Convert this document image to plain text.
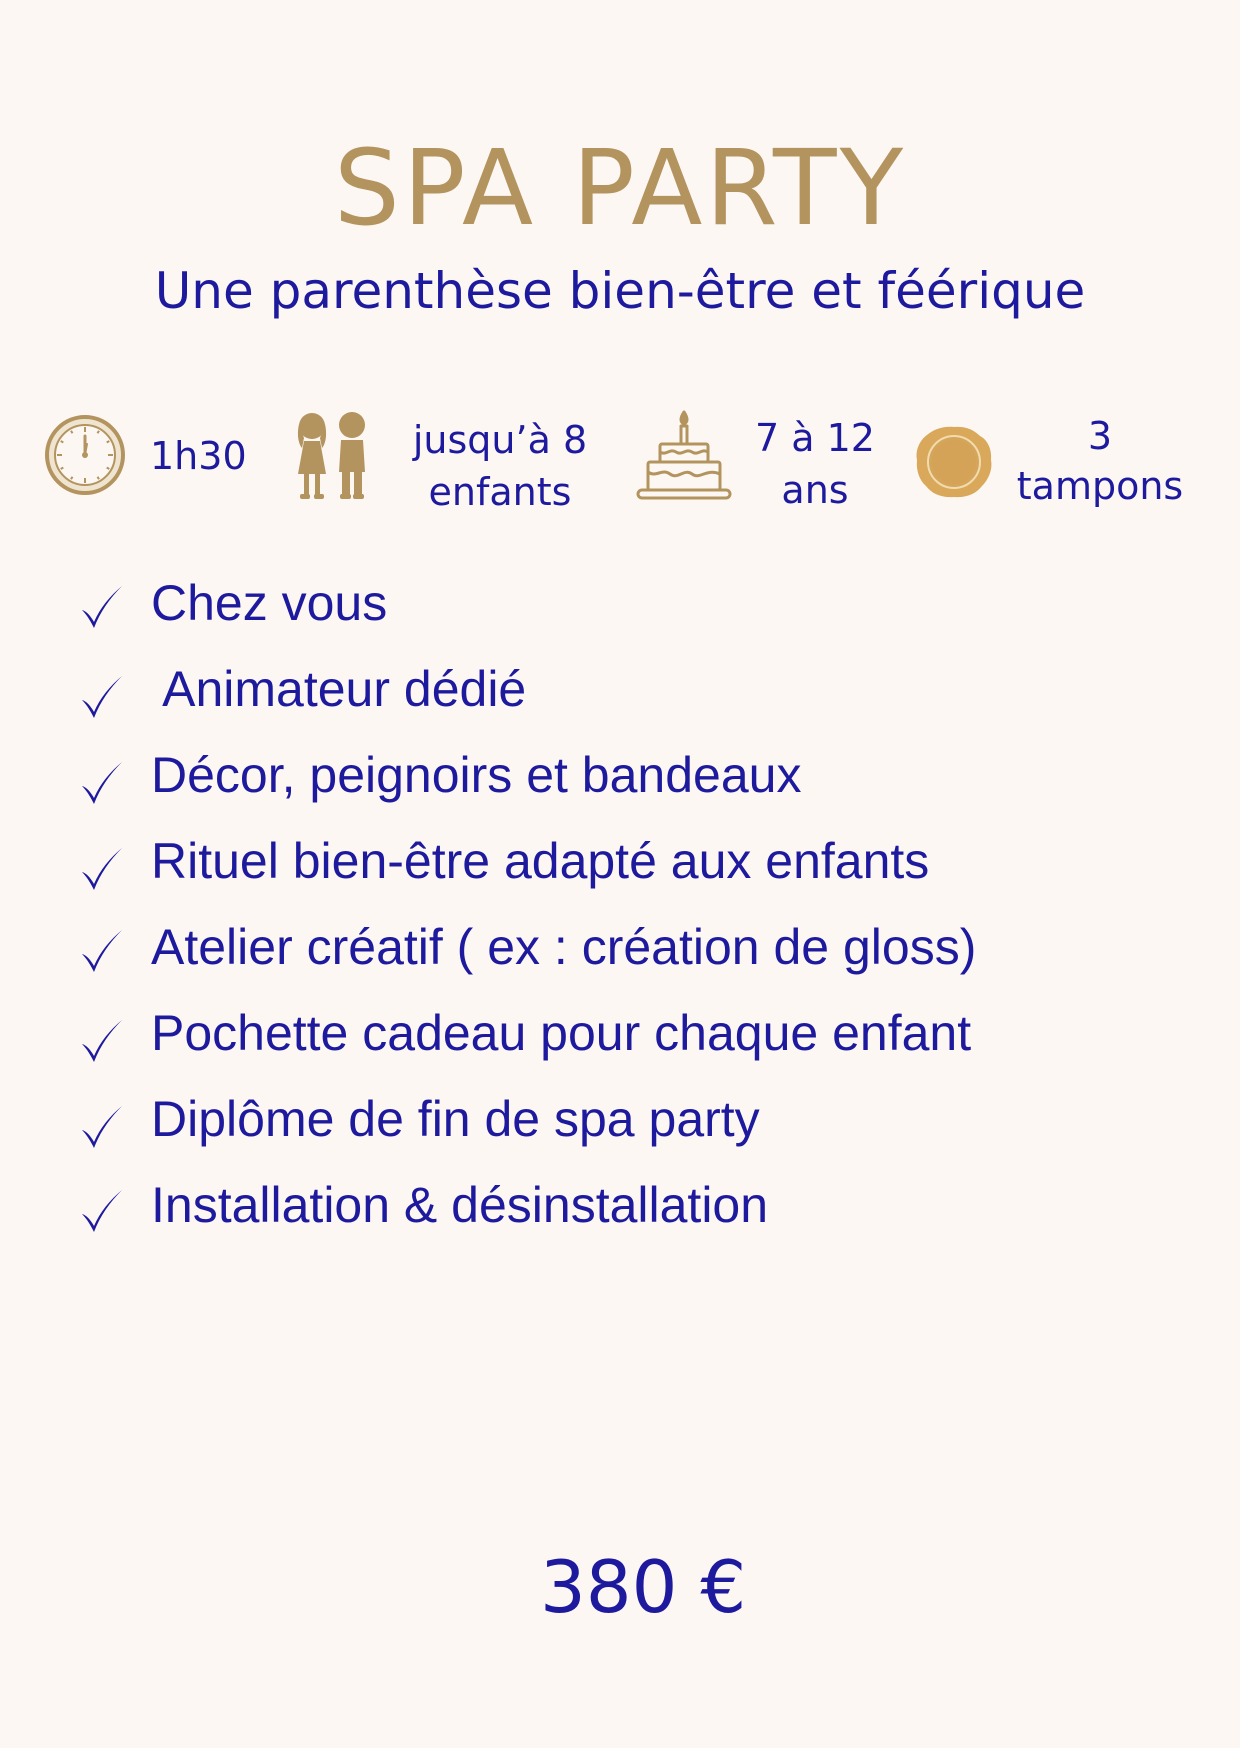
SPA PARTY
Une parenthèse bien-être et féérique
1h30	jusqu’à 8
enfants
7 à 12
ans
3
tampons
Chez vous
Animateur dédié
Décor, peignoirs et bandeaux
Rituel bien-être adapté aux enfants
Atelier créatif ( ex : création de gloss)
Pochette cadeau pour chaque enfant
Diplôme de fin de spa party
Installation & désinstallation
380 €
